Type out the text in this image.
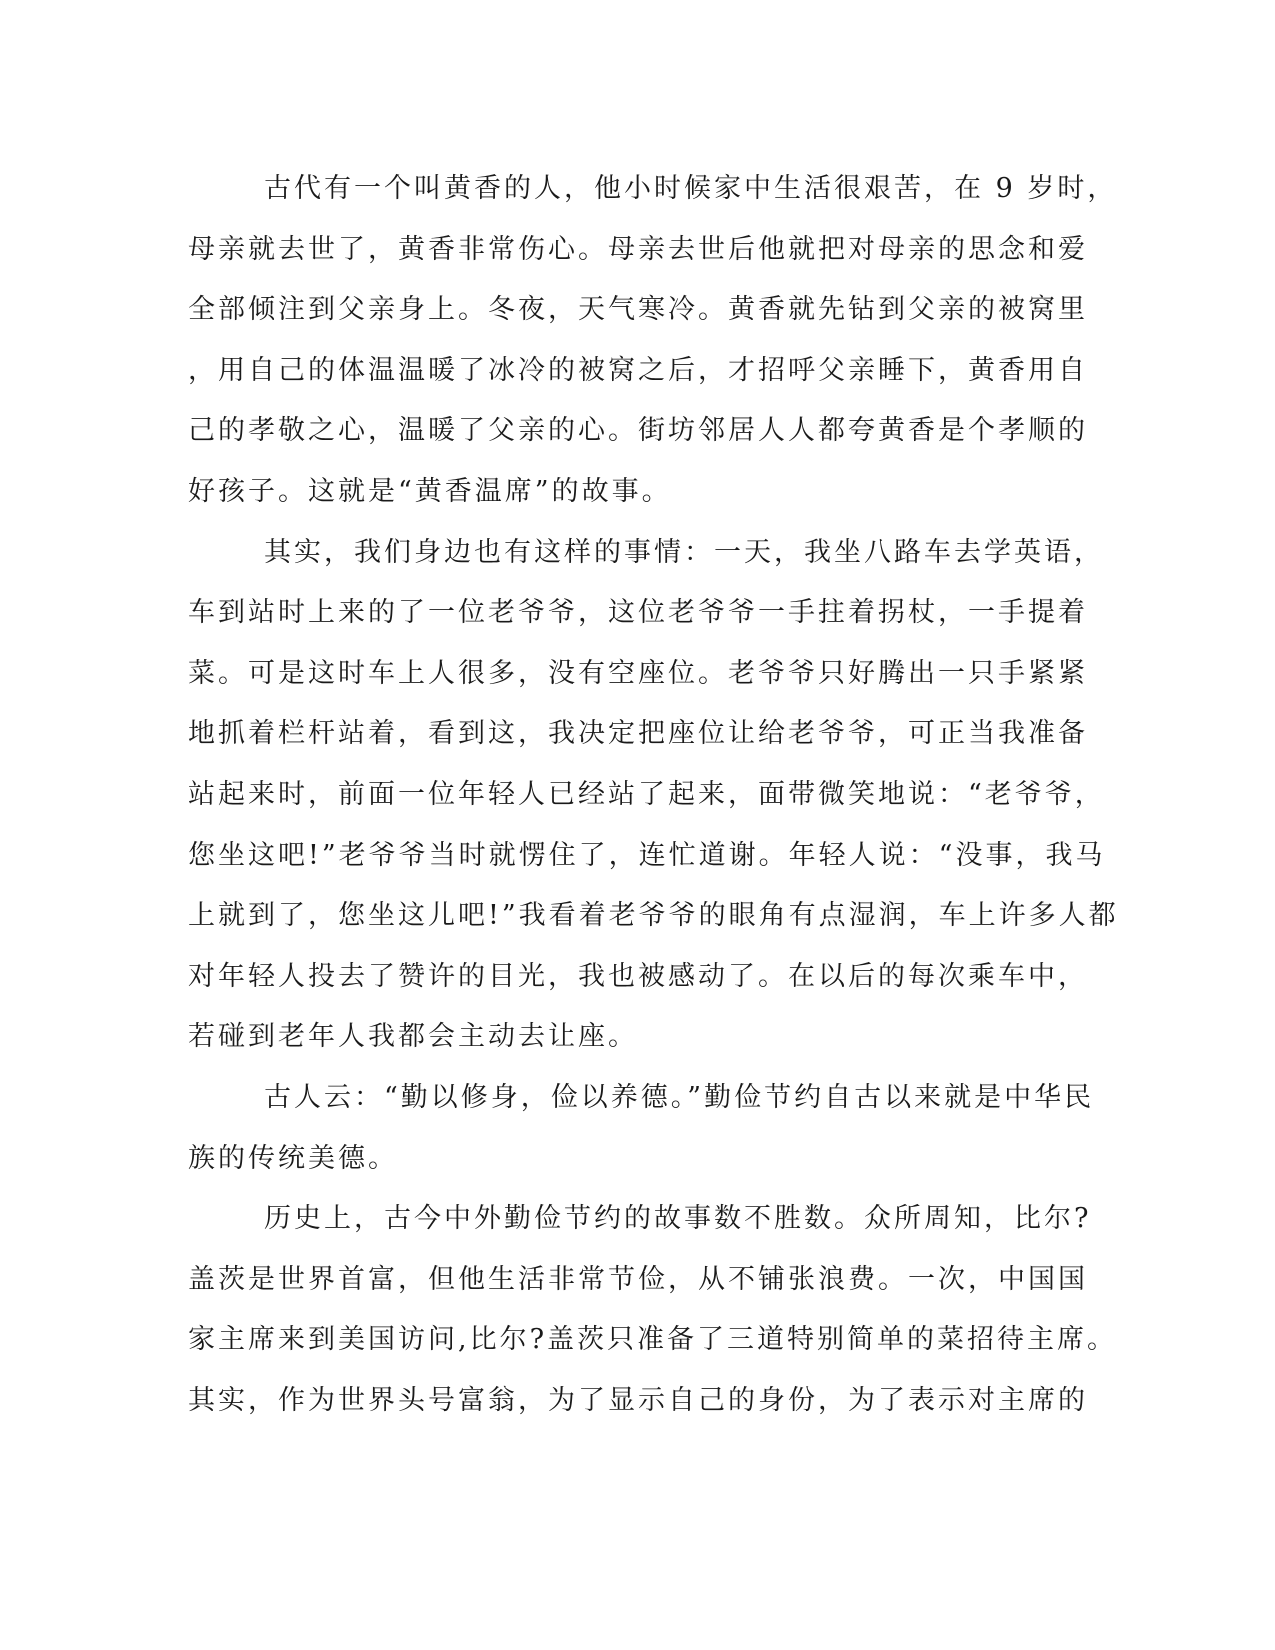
古代有一个叫黄香的人，他小时候家中生活很艰苦，在 9 岁时，
母亲就去世了，黄香非常伤心。母亲去世后他就把对母亲的思念和爱
全部倾注到父亲身上。冬夜，天气寒冷。黄香就先钻到父亲的被窝里
，用自己的体温温暖了冰冷的被窝之后，才招呼父亲睡下，黄香用自
己的孝敬之心，温暖了父亲的心。街坊邻居人人都夸黄香是个孝顺的
好孩子。这就是“黄香温席”的故事。
其实，我们身边也有这样的事情：一天，我坐八路车去学英语，
车到站时上来的了一位老爷爷，这位老爷爷一手拄着拐杖，一手提着
菜。可是这时车上人很多，没有空座位。老爷爷只好腾出一只手紧紧
地抓着栏杆站着，看到这，我决定把座位让给老爷爷，可正当我准备
站起来时，前面一位年轻人已经站了起来，面带微笑地说：“老爷爷，
您坐这吧!”老爷爷当时就愣住了，连忙道谢。年轻人说：“没事，我马
上就到了，您坐这儿吧!”我看着老爷爷的眼角有点湿润，车上许多人都
对年轻人投去了赞许的目光，我也被感动了。在以后的每次乘车中，
若碰到老年人我都会主动去让座。
古人云：“勤以修身，俭以养德。”勤俭节约自古以来就是中华民
族的传统美德。
历史上，古今中外勤俭节约的故事数不胜数。众所周知，比尔?
盖茨是世界首富，但他生活非常节俭，从不铺张浪费。一次，中国国
家主席来到美国访问,比尔?盖茨只准备了三道特别简单的菜招待主席。
其实，作为世界头号富翁，为了显示自己的身份，为了表示对主席的
